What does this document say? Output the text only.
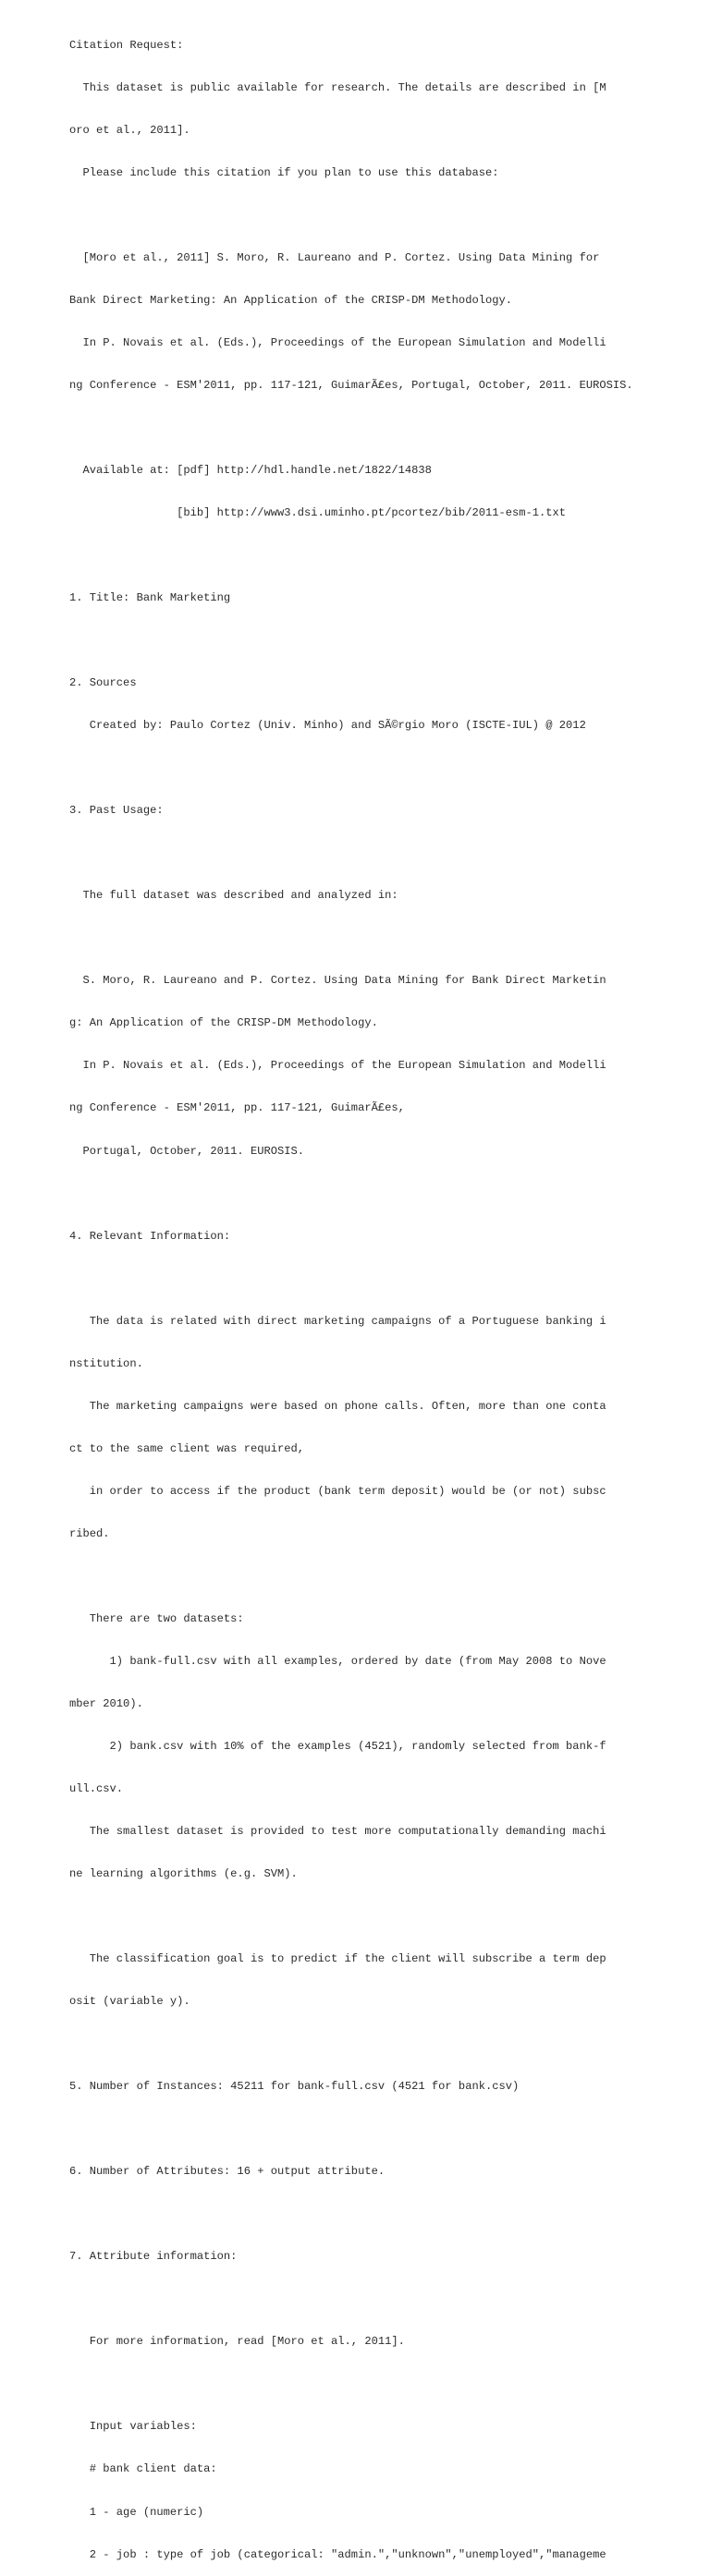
Citation Request:

This dataset is public available for research. The details are described in [M

oro et al., 2011].

Please include this citation if you plan to use this database:

[Moro et al., 2011] S. Moro, R. Laureano and P. Cortez. Using Data Mining for

Bank Direct Marketing: An Application of the CRISP-DM Methodology.

In P. Novais et al. (Eds.), Proceedings of the European Simulation and Modelli

ng Conference - ESM'2011, pp. 117-121, GuimarÃ£es, Portugal, October, 2011. EUROSIS.

Available at: [pdf] http://hdl.handle.net/1822/14838

[bib] http://www3.dsi.uminho.pt/pcortez/bib/2011-esm-1.txt

1. Title: Bank Marketing

2. Sources

Created by: Paulo Cortez (Univ. Minho) and SÃ©rgio Moro (ISCTE-IUL) @ 2012

3. Past Usage:

The full dataset was described and analyzed in:

S. Moro, R. Laureano and P. Cortez. Using Data Mining for Bank Direct Marketin

g: An Application of the CRISP-DM Methodology.

In P. Novais et al. (Eds.), Proceedings of the European Simulation and Modelli

ng Conference - ESM'2011, pp. 117-121, GuimarÃ£es,

Portugal, October, 2011. EUROSIS.

4. Relevant Information:

The data is related with direct marketing campaigns of a Portuguese banking i

nstitution.

The marketing campaigns were based on phone calls. Often, more than one conta

ct to the same client was required,

in order to access if the product (bank term deposit) would be (or not) subsc

ribed.

There are two datasets:

1) bank-full.csv with all examples, ordered by date (from May 2008 to Nove

mber 2010).

2) bank.csv with 10% of the examples (4521), randomly selected from bank-f

ull.csv.

The smallest dataset is provided to test more computationally demanding machi

ne learning algorithms (e.g. SVM).

The classification goal is to predict if the client will subscribe a term dep

osit (variable y).

5. Number of Instances: 45211 for bank-full.csv (4521 for bank.csv)

6. Number of Attributes: 16 + output attribute.

7. Attribute information:

For more information, read [Moro et al., 2011].

Input variables:

# bank client data:

1 - age (numeric)

2 - job : type of job (categorical: "admin.","unknown","unemployed","manageme
